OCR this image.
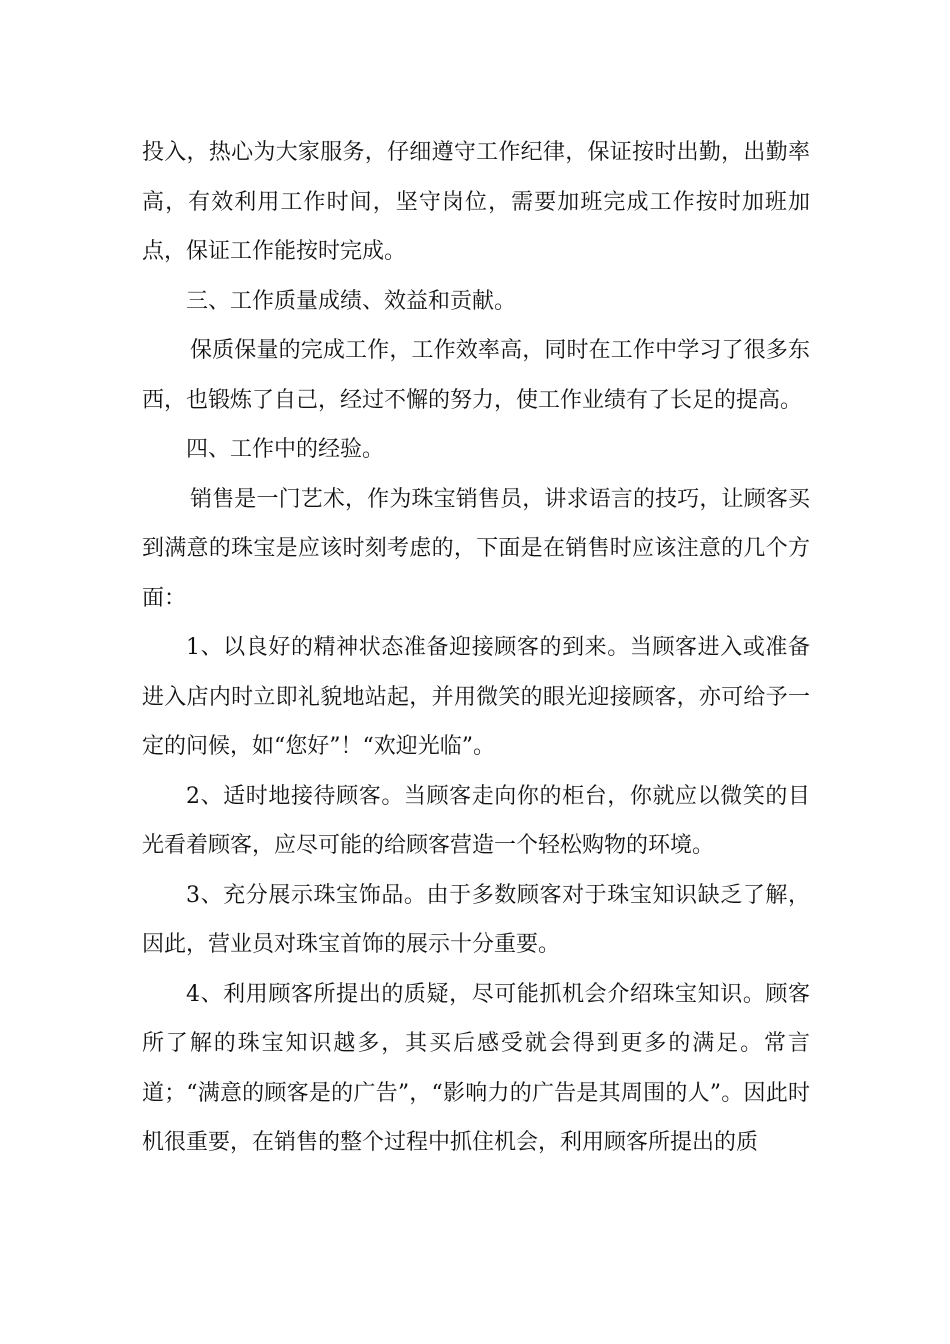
投入，热心为大家服务，仔细遵守工作纪律，保证按时出勤，出勤率高，有效利用工作时间，坚守岗位，需要加班完成工作按时加班加点，保证工作能按时完成。

三、工作质量成绩、效益和贡献。

保质保量的完成工作，工作效率高，同时在工作中学习了很多东西，也锻炼了自己，经过不懈的努力，使工作业绩有了长足的提高。

四、工作中的经验。

销售是一门艺术，作为珠宝销售员，讲求语言的技巧，让顾客买到满意的珠宝是应该时刻考虑的，下面是在销售时应该注意的几个方面：

1、以良好的精神状态准备迎接顾客的到来。当顾客进入或准备进入店内时立即礼貌地站起，并用微笑的眼光迎接顾客，亦可给予一定的问候，如“您好”！“欢迎光临”。

2、适时地接待顾客。当顾客走向你的柜台，你就应以微笑的目光看着顾客，应尽可能的给顾客营造一个轻松购物的环境。

3、充分展示珠宝饰品。由于多数顾客对于珠宝知识缺乏了解，因此，营业员对珠宝首饰的展示十分重要。

4、利用顾客所提出的质疑，尽可能抓机会介绍珠宝知识。顾客所了解的珠宝知识越多，其买后感受就会得到更多的满足。常言道；“满意的顾客是的广告”，“影响力的广告是其周围的人”。因此时机很重要，在销售的整个过程中抓住机会，利用顾客所提出的质
